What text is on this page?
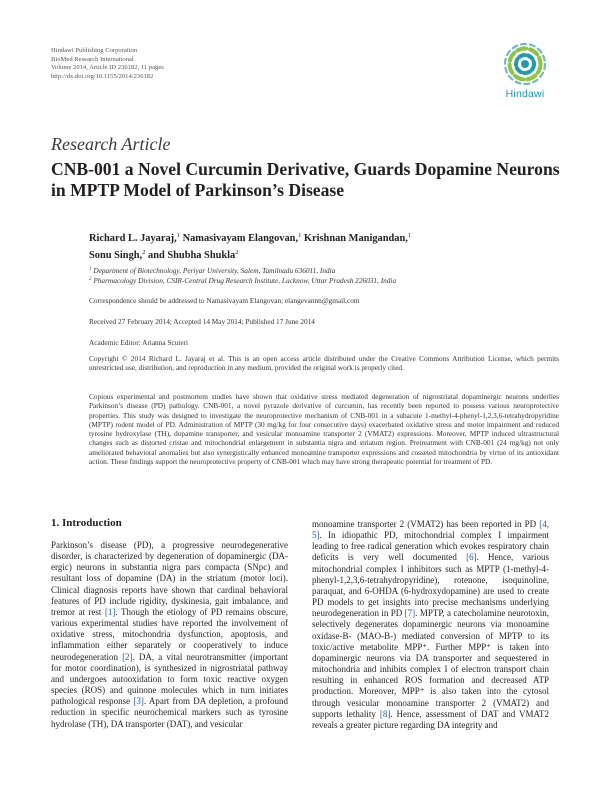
Hindawi Publishing Corporation
BioMed Research International
Volume 2014, Article ID 236182, 11 pages
http://dx.doi.org/10.1155/2014/236182
Hindawi
Research Article
CNB-001 a Novel Curcumin Derivative, Guards Dopamine Neurons in MPTP Model of Parkinson’s Disease
Richard L. Jayaraj,$^1$ Namasivayam Elangovan,$^1$ Krishnan Manigandan,$^1$
Sonu Singh,$^2$ and Shubha Shukla$^2$
$^1$ Department of Biotechnology, Periyar University, Salem, Tamilnadu 636011, India
$^2$ Pharmacology Division, CSIR-Central Drug Research Institute, Lucknow, Uttar Pradesh 226031, India
Correspondence should be addressed to Namasivayam Elangovan; elangevannn@gmail.com
Received 27 February 2014; Accepted 14 May 2014; Published 17 June 2014
Academic Editor: Arianna Scuteri
Copyright © 2014 Richard L. Jayaraj et al. This is an open access article distributed under the Creative Commons Attribution License, which permits unrestricted use, distribution, and reproduction in any medium, provided the original work is properly cited.
Copious experimental and postmortem studies have shown that oxidative stress mediated degeneration of nigrostriatal dopaminergic neurons underlies Parkinson’s disease (PD) pathology. CNB-001, a novel pyrazole derivative of curcumin, has recently been reported to possess various neuroprotective properties. This study was designed to investigate the neuroprotective mechanism of CNB-001 in a subacute 1-methyl-4-phenyl-1,2,3,6-tetrahydropyridine (MPTP) rodent model of PD. Administration of MPTP (30 mg/kg for four consecutive days) exacerbated oxidative stress and motor impairment and reduced tyrosine hydroxylase (TH), dopamine transporter, and vesicular monoamine transporter 2 (VMAT2) expressions. Moreover, MPTP induced ultrastructural changes such as distorted cristae and mitochondrial enlargement in substantia nigra and striatum region. Pretreatment with CNB-001 (24 mg/kg) not only ameliorated behavioral anomalies but also synergistically enhanced monoamine transporter expressions and cosseted mitochondria by virtue of its antioxidant action. These findings support the neuroprotective property of CNB-001 which may have strong therapeutic potential for treatment of PD.
1. Introduction

Parkinson’s disease (PD), a progressive neurodegenerative disorder, is characterized by degeneration of dopaminergic (DA-ergic) neurons in substantia nigra pars compacta (SNpc) and resultant loss of dopamine (DA) in the striatum (motor loci). Clinical diagnosis reports have shown that cardinal behavioral features of PD include rigidity, dyskinesia, gait imbalance, and tremor at rest [1]. Though the etiology of PD remains obscure, various experimental studies have reported the involvement of oxidative stress, mitochondria dysfunction, apoptosis, and inflammation either separately or cooperatively to induce neurodegeneration [2]. DA, a vital neurotransmitter (important for motor coordination), is synthesized in nigrostriatal pathway and undergoes autooxidation to form toxic reactive oxygen species (ROS) and quinone molecules which in turn initiates pathological response [3]. Apart from DA depletion, a profound reduction in specific neurochemical markers such as tyrosine hydrolase (TH), DA transporter (DAT), and vesicular

monoamine transporter 2 (VMAT2) has been reported in PD [4, 5]. In idiopathic PD, mitochondrial complex I impairment leading to free radical generation which evokes respiratory chain deficits is very well documented [6]. Hence, various mitochondrial complex I inhibitors such as MPTP (1-methyl-4-phenyl-1,2,3,6-tetrahydropyridine), rotenone, isoquinoline, paraquat, and 6-OHDA (6-hydroxydopamine) are used to create PD models to get insights into precise mechanisms underlying neurodegeneration in PD [7]. MPTP, a catecholamine neurotoxin, selectively degenerates dopaminergic neurons via monoamine oxidase-B- (MAO-B-) mediated conversion of MPTP to its toxic/active metabolite MPP⁺. Further MPP⁺ is taken into dopaminergic neurons via DA transporter and sequestered in mitochondria and inhibits complex I of electron transport chain resulting in enhanced ROS formation and decreased ATP production. Moreover, MPP⁺ is also taken into the cytosol through vesicular monoamine transporter 2 (VMAT2) and supports lethality [8]. Hence, assessment of DAT and VMAT2 reveals a greater picture regarding DA integrity and
